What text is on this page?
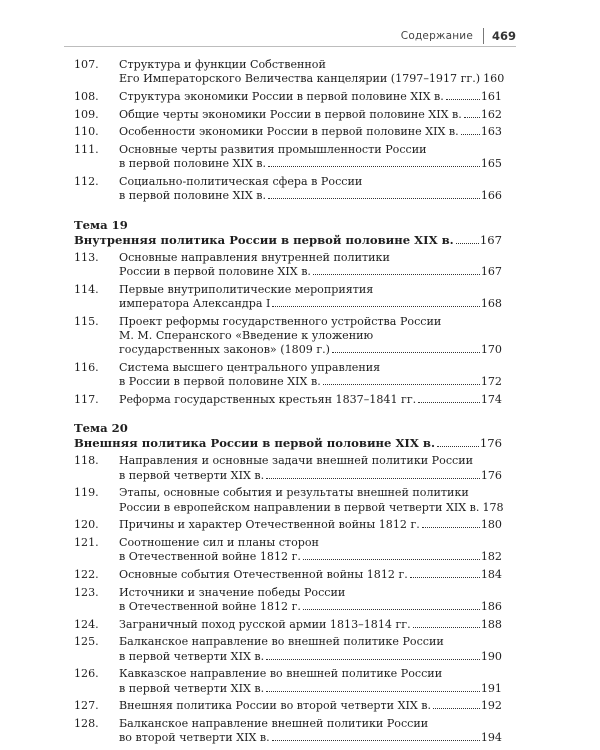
Содержание 469
107.	Структура и функции Собственной
Его Императорского Величества канцелярии (1797–1917 гг.) 160
108.	Структура экономики России в первой половине XIX в.	161
109.	Общие черты экономики России в первой половине XIX в. 162
110.	Особенности экономики России в первой половине XIX в. 163
111.	Основные черты развития промышленности России
в первой половине XIX в.	165
112.	Социально-политическая сфера в России
в первой половине XIX в.	166
Тема 19
Внутренняя политика России в первой половине XIX в. 167
113.	Основные направления внутренней политики
России в первой половине XIX в.	167
114.	Первые внутриполитические мероприятия
императора Александра I	168
115.	Проект реформы государственного устройства России
М. М. Сперанского «Введение к уложению
государственных законов» (1809 г.)	170
116.	Система высшего центрального управления
в России в первой половине XIX в.	172
117.	Реформа государственных крестьян 1837–1841 гг.	174
Тема 20
Внешняя политика России в первой половине XIX в.	176
118.	Направления и основные задачи внешней политики России
в первой четверти XIX в.	176
119.	Этапы, основные события и результаты внешней политики
России в европейском направлении в первой четверти XIX в. 178
120.	Причины и характер Отечественной войны 1812 г.	180
121.	Соотношение сил и планы сторон
в Отечественной войне 1812 г.	182
122.	Основные события Отечественной войны 1812 г.	184
123.	Источники и значение победы России
в Отечественной войне 1812 г.	186
124.	Заграничный поход русской армии 1813–1814 гг.	188
125.	Балканское направление во внешней политике России
в первой четверти XIX в.	190
126.	Кавказское направление во внешней политике России
в первой четверти XIX в.	191
127.	Внешняя политика России во второй четверти XIX в.	192
128.	Балканское направление внешней политики России
во второй четверти XIX в.	194
